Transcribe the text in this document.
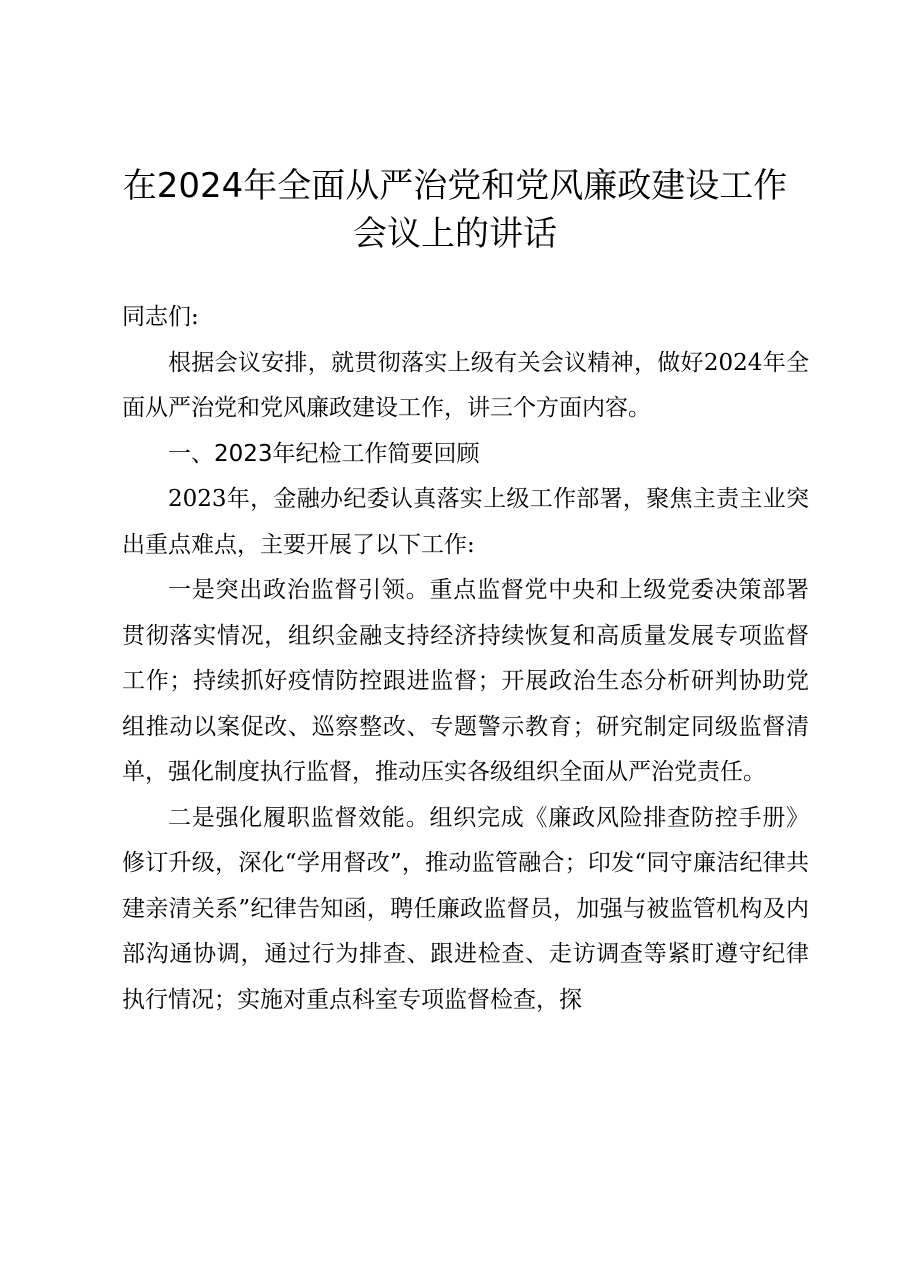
在2024年全面从严治党和党风廉政建设工作会议上的讲话

同志们:

根据会议安排，就贯彻落实上级有关会议精神，做好2024年全面从严治党和党风廉政建设工作，讲三个方面内容。

一、2023年纪检工作简要回顾

2023年，金融办纪委认真落实上级工作部署，聚焦主责主业突出重点难点，主要开展了以下工作:

一是突出政治监督引领。重点监督党中央和上级党委决策部署贯彻落实情况，组织金融支持经济持续恢复和高质量发展专项监督工作；持续抓好疫情防控跟进监督；开展政治生态分析研判协助党组推动以案促改、巡察整改、专题警示教育；研究制定同级监督清单，强化制度执行监督，推动压实各级组织全面从严治党责任。

二是强化履职监督效能。组织完成《廉政风险排查防控手册》修订升级，深化“学用督改”，推动监管融合；印发“同守廉洁纪律共建亲清关系”纪律告知函，聘任廉政监督员，加强与被监管机构及内部沟通协调，通过行为排查、跟进检查、走访调查等紧盯遵守纪律执行情况；实施对重点科室专项监督检查，探
